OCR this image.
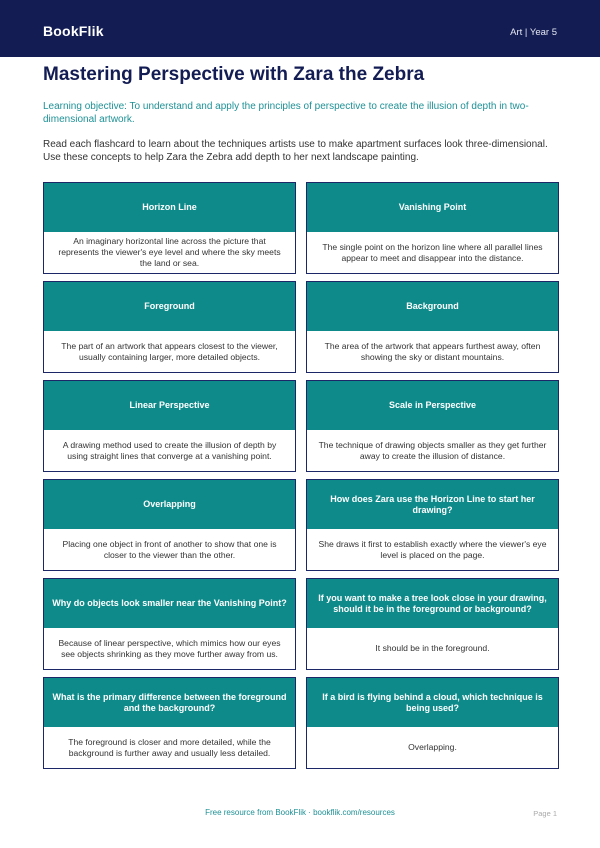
BookFlik	Art | Year 5
Mastering Perspective with Zara the Zebra
Learning objective: To understand and apply the principles of perspective to create the illusion of depth in two-dimensional artwork.
Read each flashcard to learn about the techniques artists use to make apartment surfaces look three-dimensional. Use these concepts to help Zara the Zebra add depth to her next landscape painting.
Horizon Line
An imaginary horizontal line across the picture that represents the viewer's eye level and where the sky meets the land or sea.
Vanishing Point
The single point on the horizon line where all parallel lines appear to meet and disappear into the distance.
Foreground
The part of an artwork that appears closest to the viewer, usually containing larger, more detailed objects.
Background
The area of the artwork that appears furthest away, often showing the sky or distant mountains.
Linear Perspective
A drawing method used to create the illusion of depth by using straight lines that converge at a vanishing point.
Scale in Perspective
The technique of drawing objects smaller as they get further away to create the illusion of distance.
Overlapping
Placing one object in front of another to show that one is closer to the viewer than the other.
How does Zara use the Horizon Line to start her drawing?
She draws it first to establish exactly where the viewer's eye level is placed on the page.
Why do objects look smaller near the Vanishing Point?
Because of linear perspective, which mimics how our eyes see objects shrinking as they move further away from us.
If you want to make a tree look close in your drawing, should it be in the foreground or background?
It should be in the foreground.
What is the primary difference between the foreground and the background?
The foreground is closer and more detailed, while the background is further away and usually less detailed.
If a bird is flying behind a cloud, which technique is being used?
Overlapping.
Free resource from BookFlik · bookflik.com/resources	Page 1
